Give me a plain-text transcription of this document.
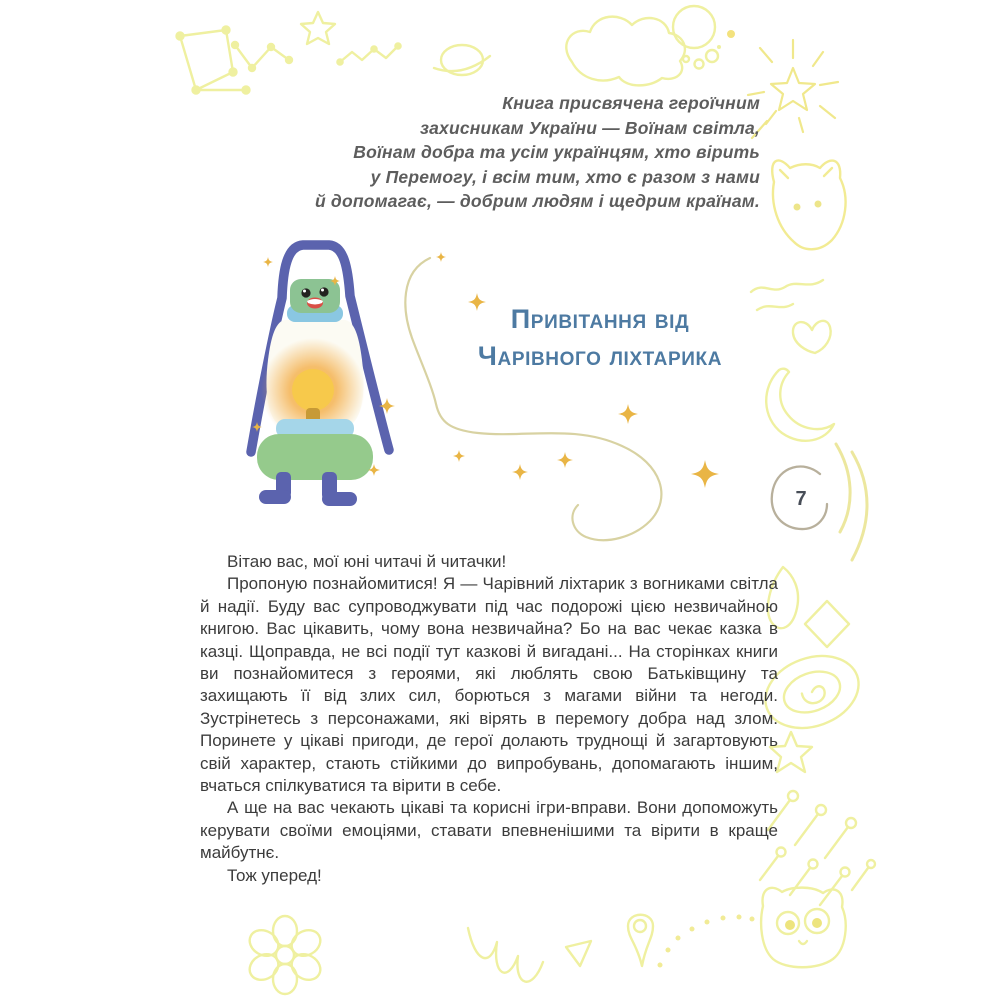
Книга присвячена героїчним
захисникам України — Воїнам світла,
Воїнам добра та усім українцям, хто вірить
у Перемогу, і всім тим, хто є разом з нами
й допомагає, — добрим людям і щедрим країнам.
Привітання від
Чарівного ліхтарика
7

Вітаю вас, мої юні читачі й читачки!

Пропоную познайомитися! Я — Чарівний ліхтарик з вогниками світла й надії. Буду вас супроводжувати під час подорожі цією незвичайною книгою. Вас цікавить, чому вона незвичайна? Бо на вас чекає казка в казці. Щоправда, не всі події тут казкові й вигадані... На сторінках книги ви познайомитеся з героями, які люблять свою Батьківщину та захищають її від злих сил, борються з магами війни та негоди. Зустрінетесь з персонажами, які вірять в перемогу добра над злом. Поринете у цікаві пригоди, де герої долають труднощі й загартовують свій характер, стають стійкими до випробувань, допомагають іншим, вчаться спілкуватися та вірити в себе.

А ще на вас чекають цікаві та корисні ігри-вправи. Вони допоможуть керувати своїми емоціями, ставати впевненішими та вірити в краще майбутнє.

Тож уперед!
